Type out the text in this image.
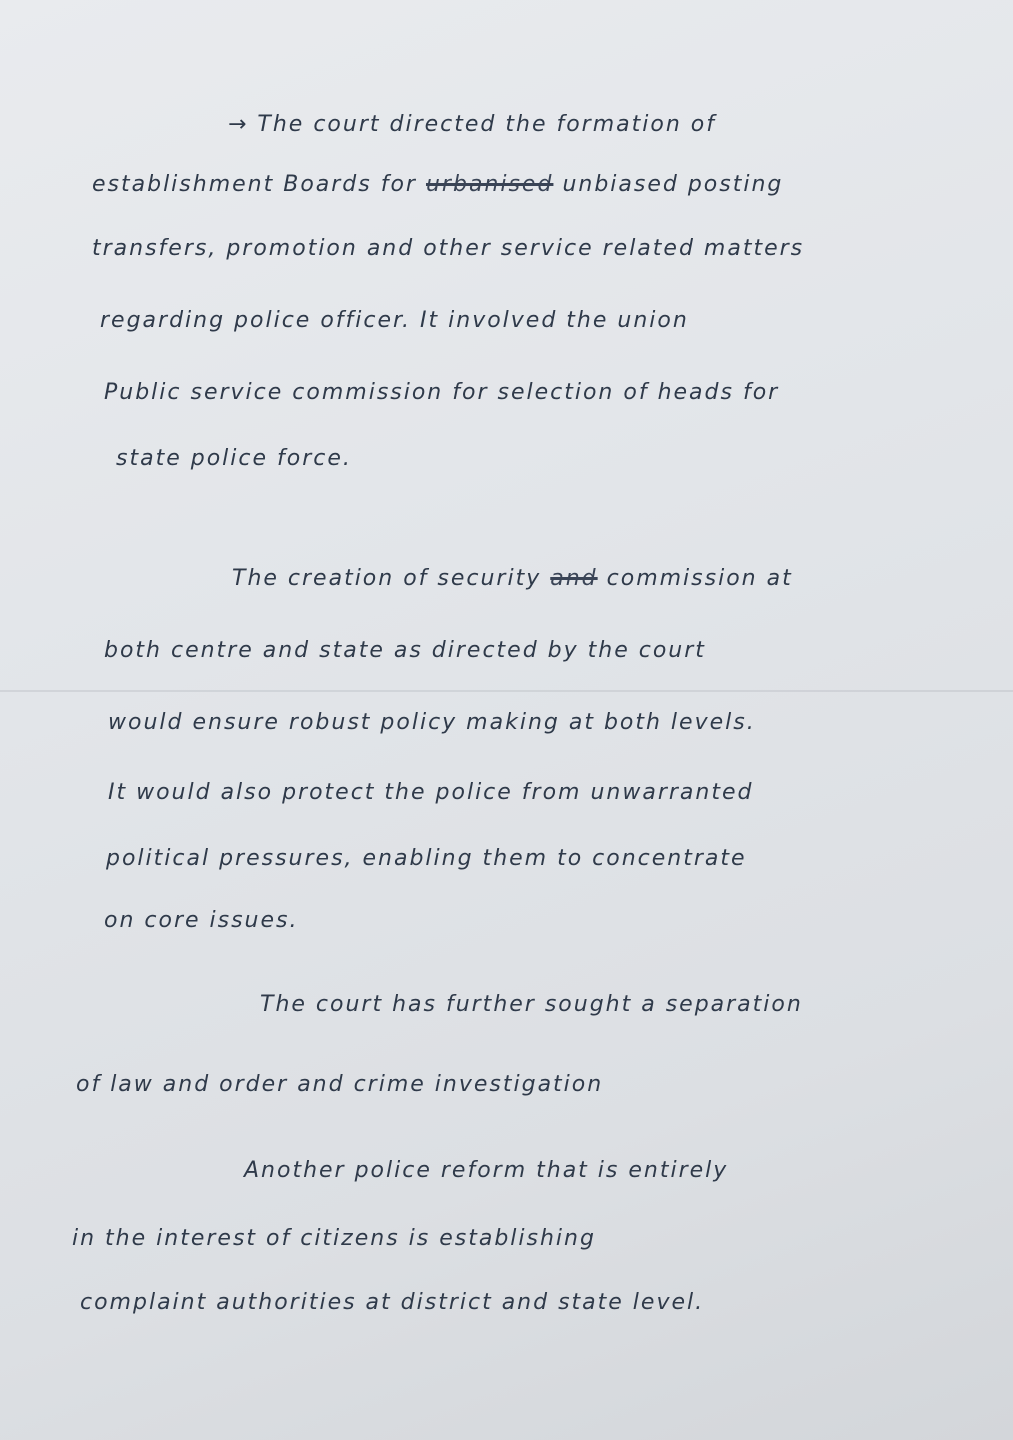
→ The court directed the formation of
establishment Boards for urbanised unbiased posting
transfers, promotion and other service related matters
regarding police officer. It involved the union
Public service commission for selection of heads for
state police force.
The creation of security and commission at
both centre and state as directed by the court
would ensure robust policy making at both levels.
It would also protect the police from unwarranted
political pressures, enabling them to concentrate
on core issues.
The court has further sought a separation
of law and order and crime investigation
Another police reform that is entirely
in the interest of citizens is establishing
complaint authorities at district and state level.
